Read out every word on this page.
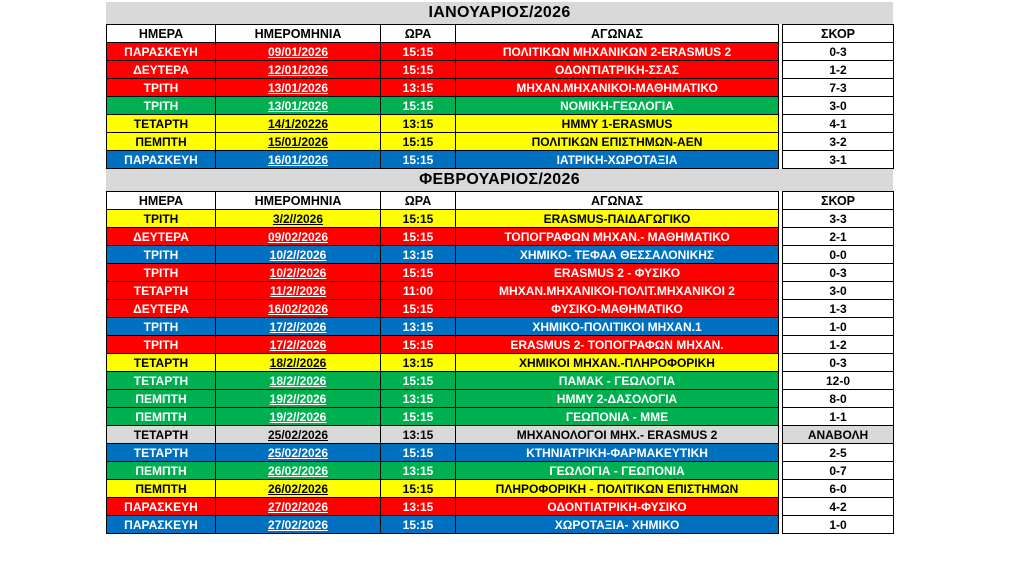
ΙΑΝΟΥΑΡΙΟΣ/2026
ΗΜΕΡΑ	ΗΜΕΡΟΜΗΝΙΑ	ΩΡΑ	ΑΓΩΝΑΣ		ΣΚΟΡ
ΠΑΡΑΣΚΕΥΗ	09/01/2026	15:15	ΠΟΛΙΤΙΚΩΝ ΜΗΧΑΝΙΚΩΝ 2-ERASMUS 2		0-3
ΔΕΥΤΕΡΑ	12/01/2026	15:15	ΟΔΟΝΤΙΑΤΡΙΚΗ-ΣΣΑΣ		1-2
ΤΡΙΤΗ	13/01/2026	13:15	ΜΗΧΑΝ.ΜΗΧΑΝΙΚΟΙ-ΜΑΘΗΜΑΤΙΚΟ		7-3
ΤΡΙΤΗ	13/01/2026	15:15	ΝΟΜΙΚΗ-ΓΕΩΛΟΓΙΑ		3-0
ΤΕΤΑΡΤΗ	14/1/20226	13:15	ΗΜΜΥ 1-ERASMUS		4-1
ΠΕΜΠΤΗ	15/01/2026	15:15	ΠΟΛΙΤΙΚΩΝ ΕΠΙΣΤΗΜΩΝ-ΑΕΝ		3-2
ΠΑΡΑΣΚΕΥΗ	16/01/2026	15:15	ΙΑΤΡΙΚΗ-ΧΩΡΟΤΑΞΙΑ		3-1
ΦΕΒΡΟΥΑΡΙΟΣ/2026
ΗΜΕΡΑ	ΗΜΕΡΟΜΗΝΙΑ	ΩΡΑ	ΑΓΩΝΑΣ		ΣΚΟΡ
ΤΡΙΤΗ	3/2//2026	15:15	ERASMUS-ΠΑΙΔΑΓΩΓΙΚΟ		3-3
ΔΕΥΤΕΡΑ	09/02/2026	15:15	ΤΟΠΟΓΡΑΦΩΝ ΜΗΧΑΝ.- ΜΑΘΗΜΑΤΙΚΟ		2-1
ΤΡΙΤΗ	10/2//2026	13:15	ΧΗΜΙΚΟ- ΤΕΦΑΑ ΘΕΣΣΑΛΟΝΙΚΗΣ		0-0
ΤΡΙΤΗ	10/2//2026	15:15	ERASMUS 2 - ΦΥΣΙΚΟ		0-3
ΤΕΤΑΡΤΗ	11/2//2026	11:00	ΜΗΧΑΝ.ΜΗΧΑΝΙΚΟΙ-ΠΟΛΙΤ.ΜΗΧΑΝΙΚΟΙ 2		3-0
ΔΕΥΤΕΡΑ	16/02/2026	15:15	ΦΥΣΙΚΟ-ΜΑΘΗΜΑΤΙΚΟ		1-3
ΤΡΙΤΗ	17/2//2026	13:15	ΧΗΜΙΚΟ-ΠΟΛΙΤΙΚΟΙ ΜΗΧΑΝ.1		1-0
ΤΡΙΤΗ	17/2//2026	15:15	ERASMUS 2- ΤΟΠΟΓΡΑΦΩΝ ΜΗΧΑΝ.		1-2
ΤΕΤΑΡΤΗ	18/2//2026	13:15	ΧΗΜΙΚΟΙ ΜΗΧΑΝ.-ΠΛΗΡΟΦΟΡΙΚΗ		0-3
ΤΕΤΑΡΤΗ	18/2//2026	15:15	ΠΑΜΑΚ - ΓΕΩΛΟΓΙΑ		12-0
ΠΕΜΠΤΗ	19/2//2026	13:15	ΗΜΜΥ 2-ΔΑΣΟΛΟΓΙΑ		8-0
ΠΕΜΠΤΗ	19/2//2026	15:15	ΓΕΩΠΟΝΙΑ - ΜΜΕ		1-1
ΤΕΤΑΡΤΗ	25/02/2026	13:15	ΜΗΧΑΝΟΛΟΓΟΙ ΜΗΧ.- ERASMUS 2		ΑΝΑΒΟΛΗ
ΤΕΤΑΡΤΗ	25/02/2026	15:15	ΚΤΗΝΙΑΤΡΙΚΗ-ΦΑΡΜΑΚΕΥΤΙΚΗ		2-5
ΠΕΜΠΤΗ	26/02/2026	13:15	ΓΕΩΛΟΓΙΑ - ΓΕΩΠΟΝΙΑ		0-7
ΠΕΜΠΤΗ	26/02/2026	15:15	ΠΛΗΡΟΦΟΡΙΚΗ - ΠΟΛΙΤΙΚΩΝ ΕΠΙΣΤΗΜΩΝ		6-0
ΠΑΡΑΣΚΕΥΗ	27/02/2026	13:15	ΟΔΟΝΤΙΑΤΡΙΚΗ-ΦΥΣΙΚΟ		4-2
ΠΑΡΑΣΚΕΥΗ	27/02/2026	15:15	ΧΩΡΟΤΑΞΙΑ- ΧΗΜΙΚΟ		1-0
